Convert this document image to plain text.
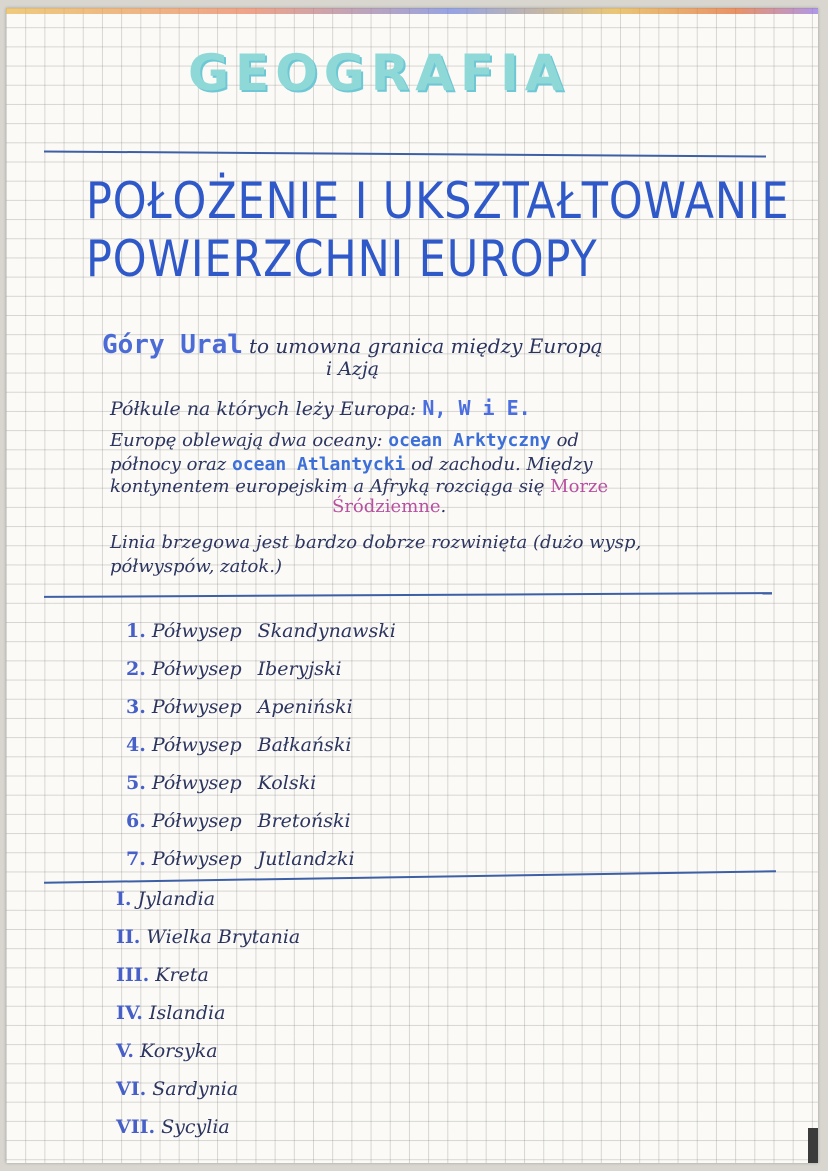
GEOGRAFIA
POŁOŻENIE I UKSZTAŁTOWANIE
POWIERZCHNI EUROPY
Góry Ural to umowna granica między Europą
i Azją
Półkule na których leży Europa: N, W i E.
Europę oblewają dwa oceany: ocean Arktyczny od
północy oraz ocean Atlantycki od zachodu. Między
kontynentem europejskim a Afryką rozciąga się Morze
Śródziemne.
Linia brzegowa jest bardzo dobrze rozwinięta (dużo wysp,
półwyspów, zatok.)
1. Półwysep Skandynawski
2. Półwysep Iberyjski
3. Półwysep Apeniński
4. Półwysep Bałkański
5. Półwysep Kolski
6. Półwysep Bretoński
7. Półwysep Jutlandzki
I. Jylandia
II. Wielka Brytania
III. Kreta
IV. Islandia
V. Korsyka
VI. Sardynia
VII. Sycylia
